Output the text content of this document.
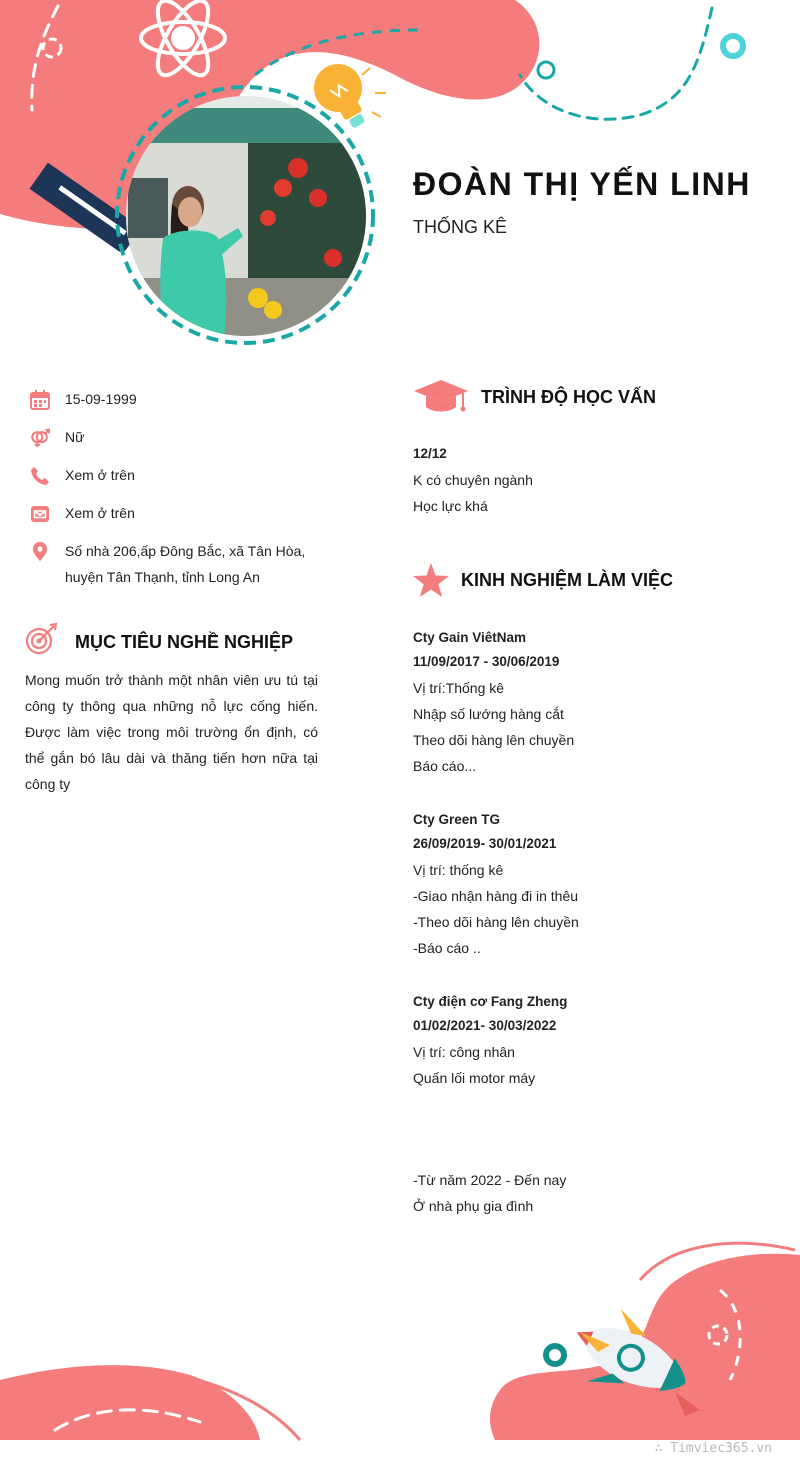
ĐOÀN THỊ YẾN LINH
THỐNG KÊ
15-09-1999
Nữ
Xem ở trên
Xem ở trên
Số nhà 206,ấp Đông Bắc, xã Tân Hòa,
huyện Tân Thạnh, tỉnh Long An
MỤC TIÊU NGHỀ NGHIỆP
Mong muốn trở thành một nhân viên ưu tú tại công ty thông qua những nỗ lực cống hiến. Được làm việc trong môi trường ổn định, có thể gắn bó lâu dài và thăng tiến hơn nữa tại công ty
TRÌNH ĐỘ HỌC VẤN
12/12
K có chuyên ngành
Học lực khá
KINH NGHIỆM LÀM VIỆC
Cty Gain ViêtNam
11/09/2017 - 30/06/2019
Vị trí:Thống kê
Nhập số lướng hàng cắt
Theo dõi hàng lên chuyền
Báo cáo...
Cty Green TG
26/09/2019- 30/01/2021
Vị trí: thống kê
-Giao nhận hàng đi in thêu
-Theo dõi hàng lên chuyền
-Báo cáo ..
Cty điện cơ Fang Zheng
01/02/2021- 30/03/2022
Vị trí: công nhân
Quấn lối motor máy
-Từ năm 2022 - Đến nay
Ở nhà phụ gia đình
∴ Timviec365.vn
